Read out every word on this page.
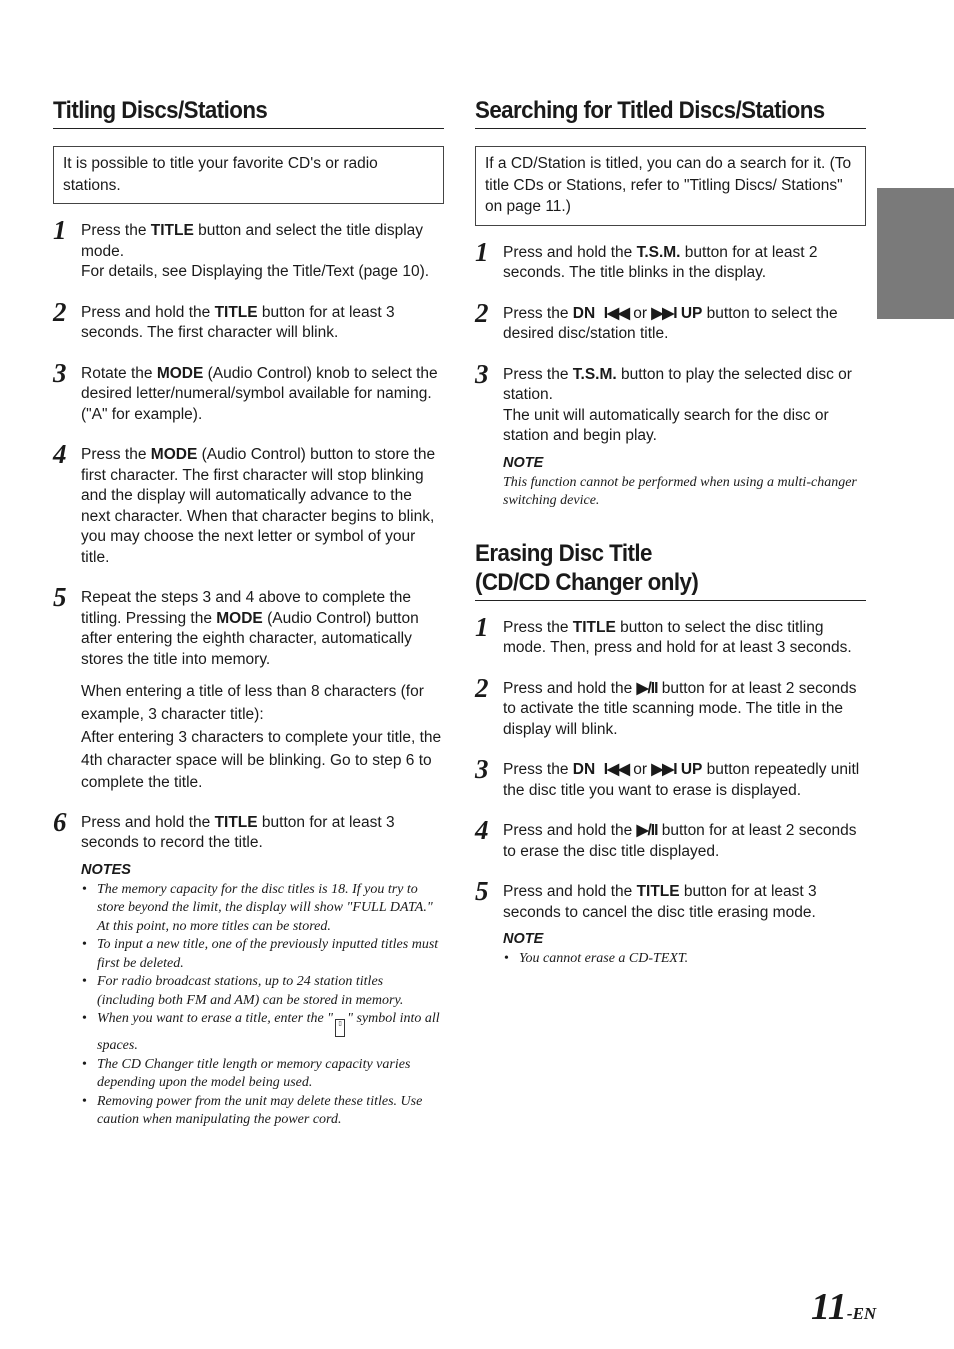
Titling Discs/Stations
It is possible to title your favorite CD's or radio stations.
1 Press the TITLE button and select the title display mode.

For details, see Displaying the Title/Text (page 10).

2 Press and hold the TITLE button for at least 3 seconds. The first character will blink.

3 Rotate the MODE (Audio Control) knob to select the desired letter/numeral/symbol available for naming. ("A" for example).

4 Press the MODE (Audio Control) button to store the first character. The first character will stop blinking and the display will automatically advance to the next character. When that character begins to blink, you may choose the next letter or symbol of your title.

5 Repeat the steps 3 and 4 above to complete the titling. Pressing the MODE (Audio Control) button after entering the eighth character, automatically stores the title into memory.

When entering a title of less than 8 characters (for example, 3 character title):

After entering 3 characters to complete your title, the 4th character space will be blinking. Go to step 6 to complete the title.

6 Press and hold the TITLE button for at least 3 seconds to record the title.

NOTES
• The memory capacity for the disc titles is 18. If you try to store beyond the limit, the display will show "FULL DATA." At this point, no more titles can be stored.
• To input a new title, one of the previously inputted titles must first be deleted.
• For radio broadcast stations, up to 24 station titles (including both FM and AM) can be stored in memory.
• When you want to erase a title, enter the " ▯ " symbol into all spaces.
• The CD Changer title length or memory capacity varies depending upon the model being used.
• Removing power from the unit may delete these titles. Use caution when manipulating the power cord.
Searching for Titled Discs/Stations
If a CD/Station is titled, you can do a search for it. (To title CDs or Stations, refer to "Titling Discs/ Stations" on page 11.)
1 Press and hold the T.S.M. button for at least 2 seconds. The title blinks in the display.

2 Press the DN I◀◀ or ▶▶I UP button to select the desired disc/station title.

3 Press the T.S.M. button to play the selected disc or station.

The unit will automatically search for the disc or station and begin play.

NOTE

This function cannot be performed when using a multi-changer switching device.

Erasing Disc Title
(CD/CD Changer only)
1 Press the TITLE button to select the disc titling mode. Then, press and hold for at least 3 seconds.

2 Press and hold the ▶/II button for at least 2 seconds to activate the title scanning mode. The title in the display will blink.

3 Press the DN I◀◀ or ▶▶I UP button repeatedly unitl the disc title you want to erase is displayed.

4 Press and hold the ▶/II button for at least 2 seconds to erase the disc title displayed.

5 Press and hold the TITLE button for at least 3 seconds to cancel the disc title erasing mode.

NOTE
• You cannot erase a CD-TEXT.
11-EN
